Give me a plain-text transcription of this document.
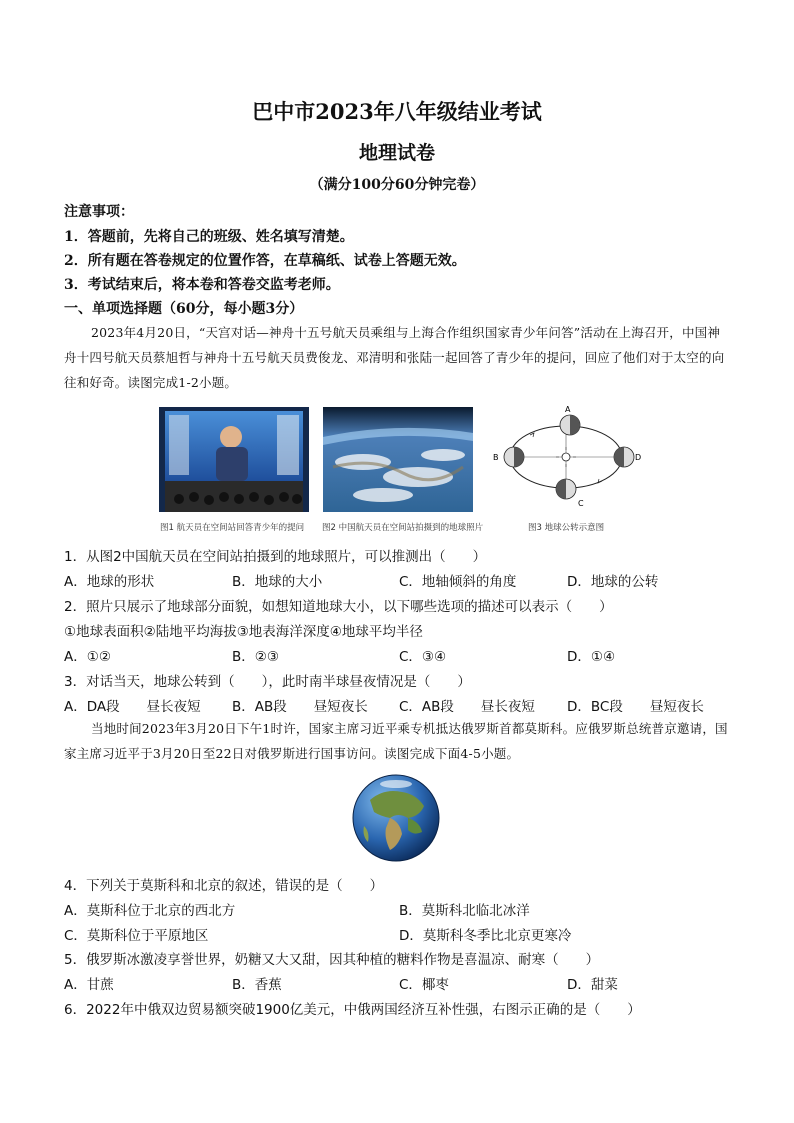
巴中市2023年八年级结业考试
地理试卷
（满分100分60分钟完卷）
注意事项：
1．答题前，先将自己的班级、姓名填写清楚。
2．所有题在答卷规定的位置作答，在草稿纸、试卷上答题无效。
3．考试结束后，将本卷和答卷交监考老师。
一、单项选择题（60分，每小题3分）
2023年4月20日，“天宫对话—神舟十五号航天员乘组与上海合作组织国家青少年问答”活动在上海召开，中国神舟十四号航天员蔡旭哲与神舟十五号航天员费俊龙、邓清明和张陆一起回答了青少年的提问，回应了他们对于太空的向往和好奇。读图完成1-2小题。
图1 航天员在空间站回答青少年的提问 图2 中国航天员在空间站拍摄到的地球照片
A
B
C
D
图3 地球公转示意图
1．从图2中国航天员在空间站拍摄到的地球照片，可以推测出（　　）
A．地球的形状	B．地球的大小	C．地轴倾斜的角度	D．地球的公转
2．照片只展示了地球部分面貌，如想知道地球大小，以下哪些选项的描述可以表示（　　）
①地球表面积②陆地平均海拔③地表海洋深度④地球平均半径
A．①②	B．②③	C．③④	D．①④
3．对话当天，地球公转到（　　），此时南半球昼夜情况是（　　）
A．DA段　　昼长夜短 B．AB段　　昼短夜长 C．AB段　　昼长夜短 D．BC段　　昼短夜长
当地时间2023年3月20日下午1时许，国家主席习近平乘专机抵达俄罗斯首都莫斯科。应俄罗斯总统普京邀请，国家主席习近平于3月20日至22日对俄罗斯进行国事访问。读图完成下面4-5小题。
4．下列关于莫斯科和北京的叙述，错误的是（　　）
A．莫斯科位于北京的西北方	B．莫斯科北临北冰洋
C．莫斯科位于平原地区	D．莫斯科冬季比北京更寒冷
5．俄罗斯冰激凌享誉世界，奶糖又大又甜，因其种植的糖料作物是喜温凉、耐寒（　　）
A．甘蔗	B．香蕉	C．椰枣	D．甜菜
6．2022年中俄双边贸易额突破1900亿美元，中俄两国经济互补性强，右图示正确的是（　　）
